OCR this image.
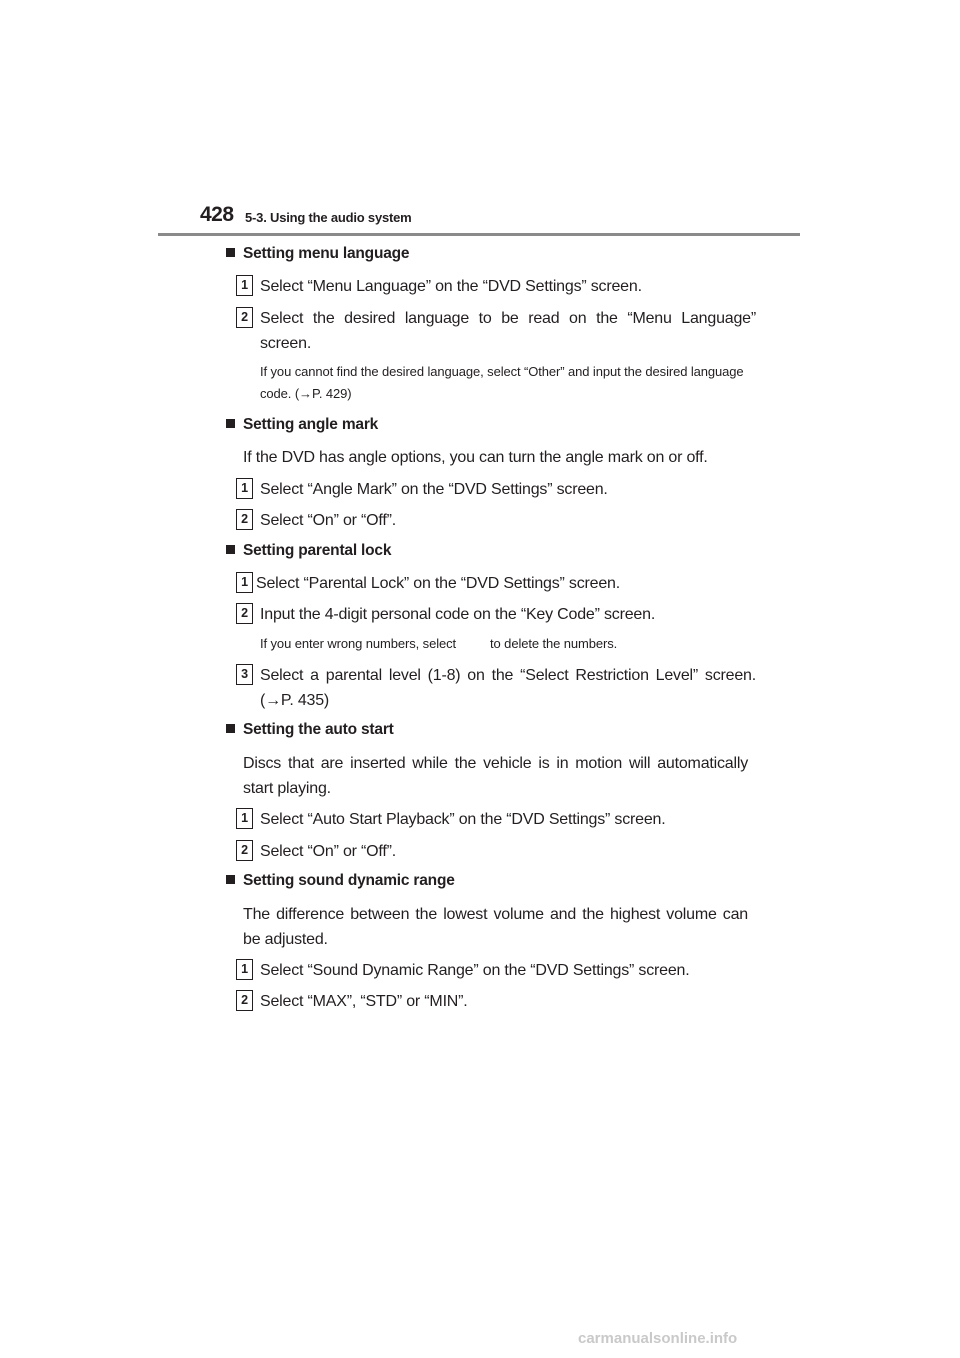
428 5-3. Using the audio system
Setting menu language
1 Select “Menu Language” on the “DVD Settings” screen.
2 Select the desired language to be read on the “Menu Language” screen.
If you cannot find the desired language, select “Other” and input the desired language code. (→P. 429)
Setting angle mark
If the DVD has angle options, you can turn the angle mark on or off.
1 Select “Angle Mark” on the “DVD Settings” screen.
2 Select “On” or “Off”.
Setting parental lock
1 Select “Parental Lock” on the “DVD Settings” screen.
2 Input the 4-digit personal code on the “Key Code” screen.
If you enter wrong numbers, select	to delete the numbers.
3 Select a parental level (1-8) on the “Select Restriction Level” screen. (→P. 435)
Setting the auto start
Discs that are inserted while the vehicle is in motion will automatically start playing.
1 Select “Auto Start Playback” on the “DVD Settings” screen.
2 Select “On” or “Off”.
Setting sound dynamic range
The difference between the lowest volume and the highest volume can be adjusted.
1 Select “Sound Dynamic Range” on the “DVD Settings” screen.
2 Select “MAX”, “STD” or “MIN”.
carmanualsonline.info
